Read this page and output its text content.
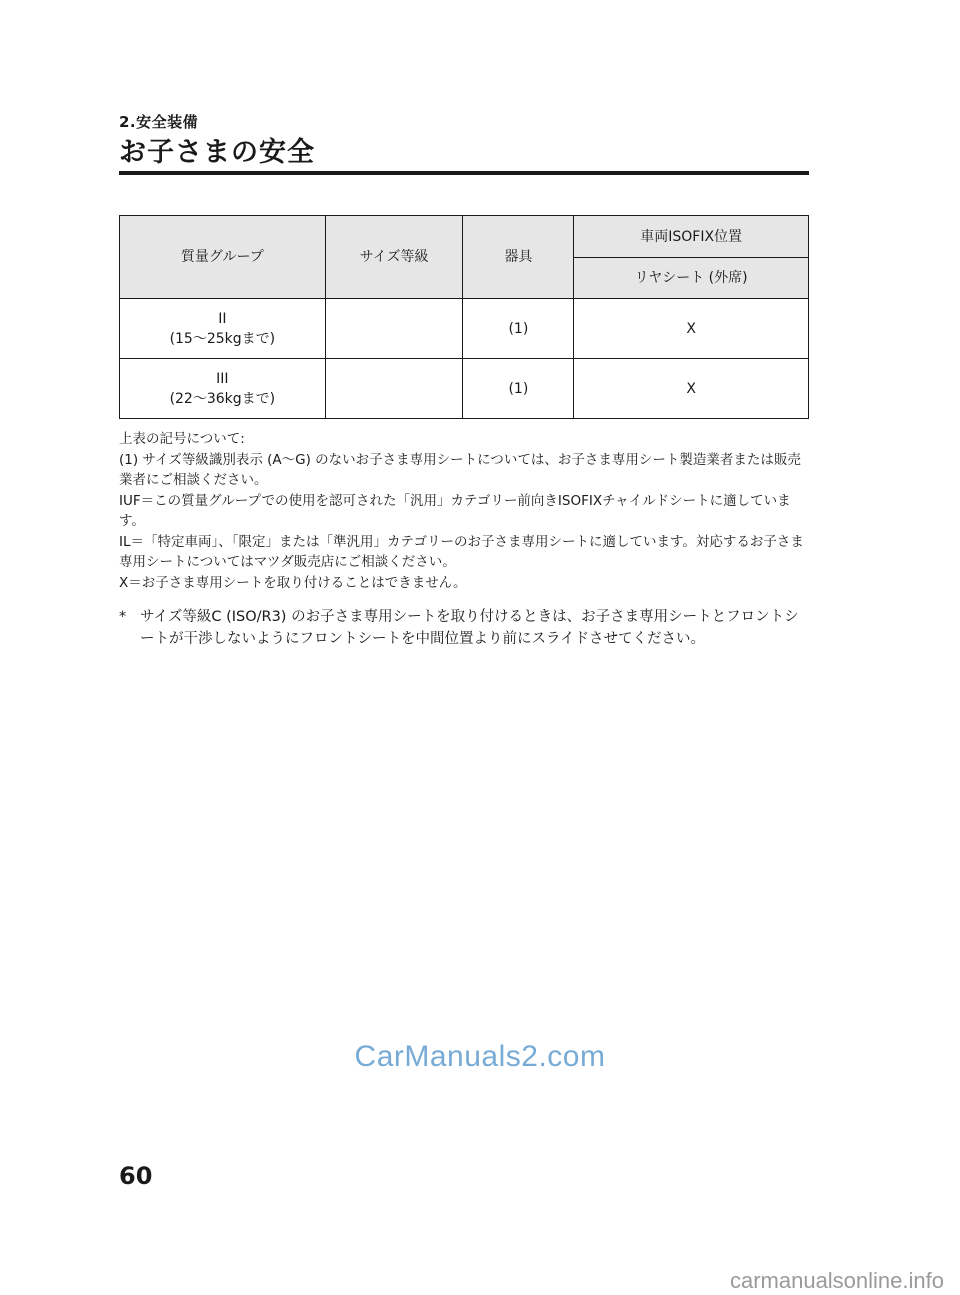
2.安全装備
お子さまの安全
質量グループ	サイズ等級	器具	車両ISOFIX位置
			リヤシート (外席)

II
(15～25kgまで)		(1)	X

III
(22～36kgまで)		(1)	X

上表の記号について:

(1) サイズ等級識別表示 (A～G) のないお子さま専用シートについては、お子さま専用シート製造業者または販売業者にご相談ください。

IUF＝この質量グループでの使用を認可された「汎用」カテゴリー前向きISOFIXチャイルドシートに適しています。

IL＝「特定車両」、「限定」または「準汎用」カテゴリーのお子さま専用シートに適しています。対応するお子さま専用シートについてはマツダ販売店にご相談ください。

X＝お子さま専用シートを取り付けることはできません。

* サイズ等級C (ISO/R3) のお子さま専用シートを取り付けるときは、お子さま専用シートとフロントシートが干渉しないようにフロントシートを中間位置より前にスライドさせてください。
CarManuals2.com
60
carmanualsonline.info
